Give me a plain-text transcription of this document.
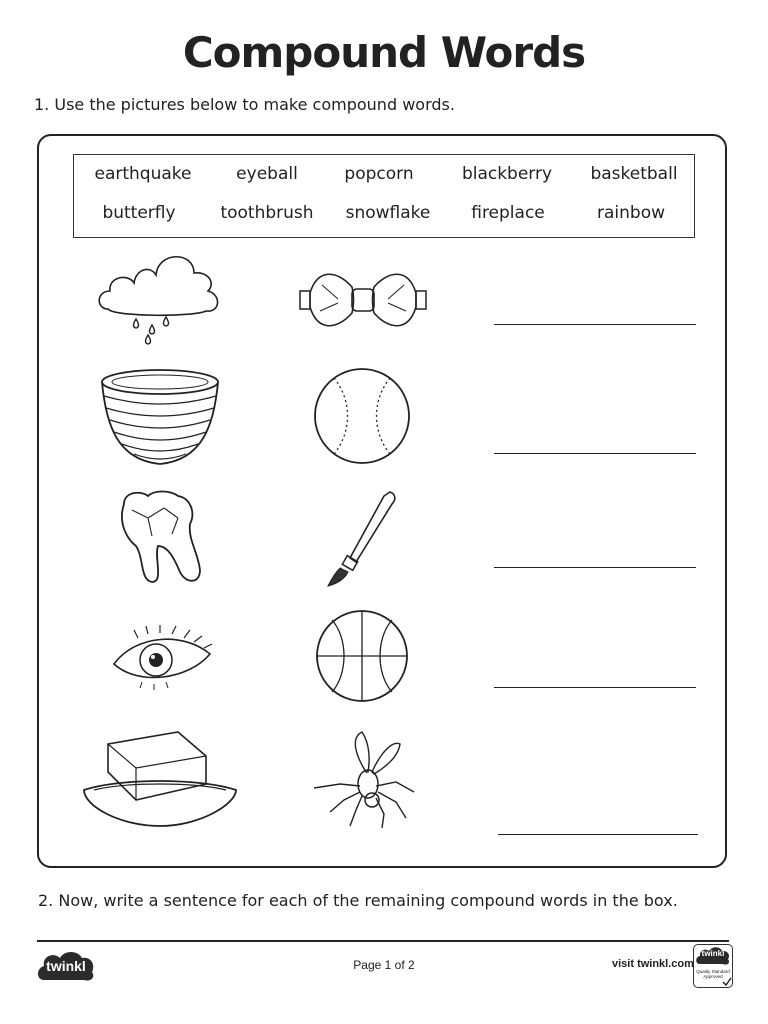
Compound Words
1. Use the pictures below to make compound words.
earthquake	eyeball	popcorn	blackberry basketball
butterfly	toothbrush snowflake fireplace	rainbow
2. Now, write a sentence for each of the remaining compound words in the box.
twinkl	Page 1 of 2	visit twinkl.com
twinkl
Quality Standard Approved
